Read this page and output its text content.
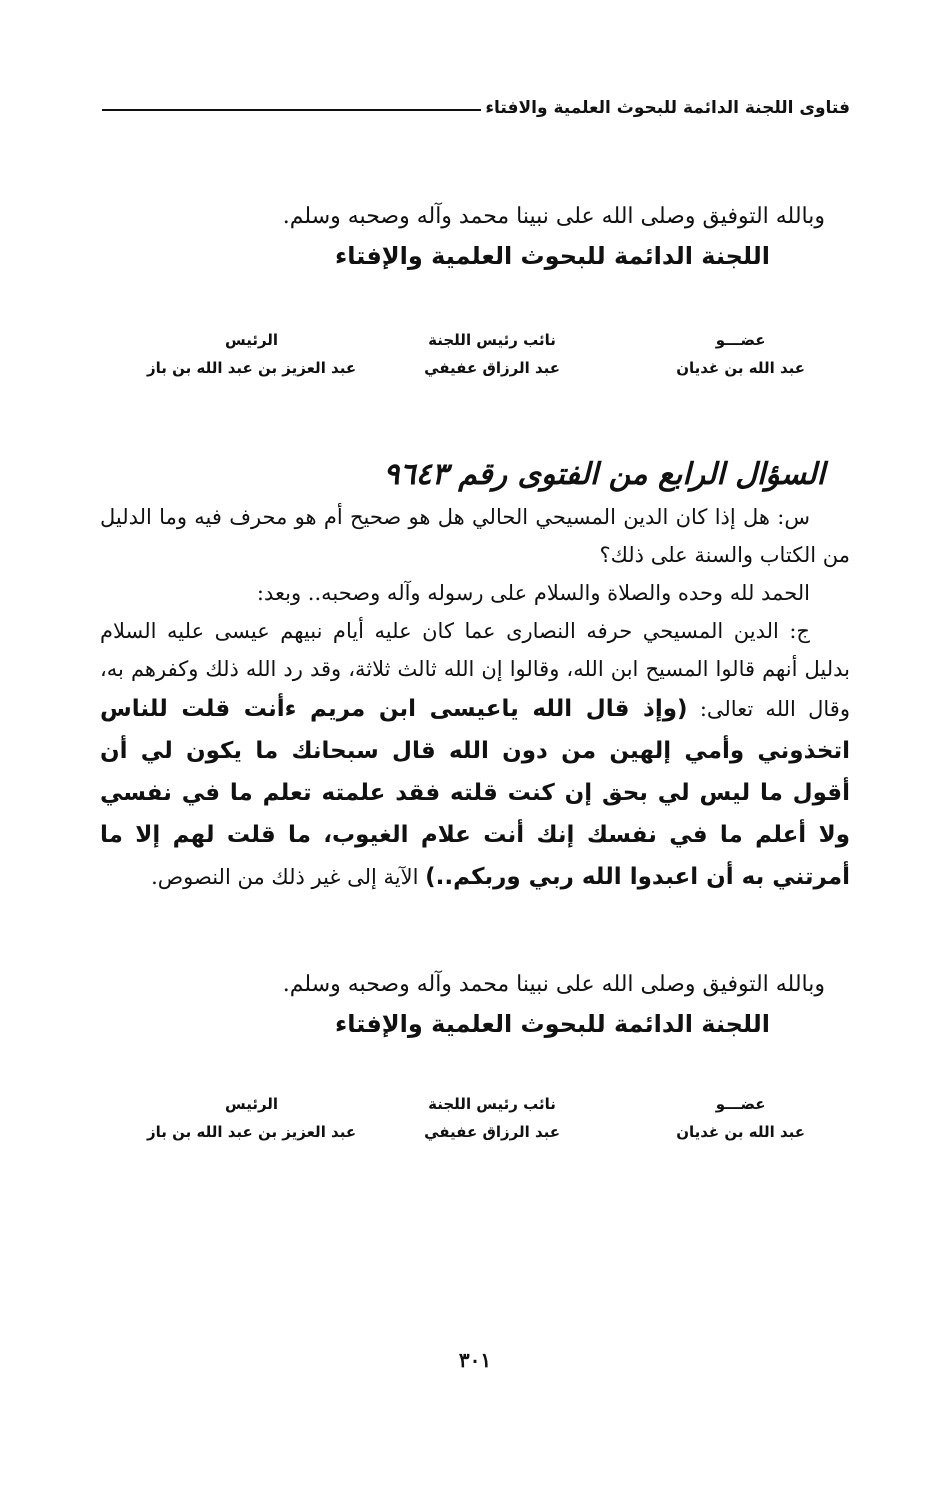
فتاوى اللجنة الدائمة للبحوث العلمية والافتاء
وبالله التوفيق وصلى الله على نبينا محمد وآله وصحبه وسلم.
اللجنة الدائمة للبحوث العلمية والإفتاء
عضـــو
عبد الله بن غديان
نائب رئيس اللجنة
عبد الرزاق عفيفي
الرئيس
عبد العزيز بن عبد الله بن باز
السؤال الرابع من الفتوى رقم ٩٦٤٣

س: هل إذا كان الدين المسيحي الحالي هل هو صحيح أم هو محرف فيه وما الدليل من الكتاب والسنة على ذلك؟

الحمد لله وحده والصلاة والسلام على رسوله وآله وصحبه.. وبعد:

ج: الدين المسيحي حرفه النصارى عما كان عليه أيام نبيهم عيسى عليه السلام بدليل أنهم قالوا المسيح ابن الله، وقالوا إن الله ثالث ثلاثة، وقد رد الله ذلك وكفرهم به، وقال الله تعالى: (وإذ قال الله ياعيسى ابن مريم ءأنت قلت للناس اتخذوني وأمي إلهين من دون الله قال سبحانك ما يكون لي أن أقول ما ليس لي بحق إن كنت قلته فقد علمته تعلم ما في نفسي ولا أعلم ما في نفسك إنك أنت علام الغيوب، ما قلت لهم إلا ما أمرتني به أن اعبدوا الله ربي وربكم..) الآية إلى غير ذلك من النصوص.

وبالله التوفيق وصلى الله على نبينا محمد وآله وصحبه وسلم.
اللجنة الدائمة للبحوث العلمية والإفتاء
عضـــو
عبد الله بن غديان
نائب رئيس اللجنة
عبد الرزاق عفيفي
الرئيس
عبد العزيز بن عبد الله بن باز
٣٠١
